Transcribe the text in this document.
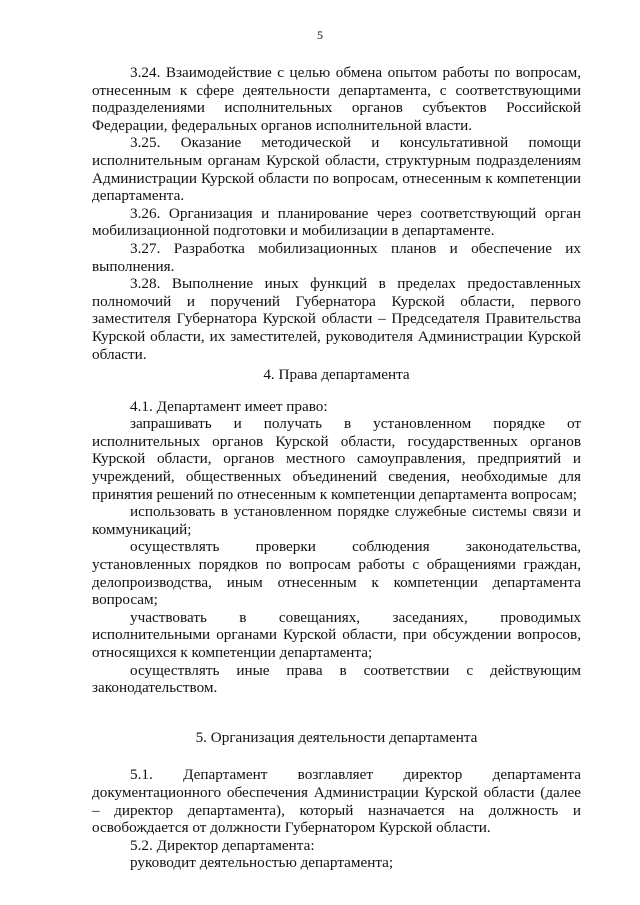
5

3.24. Взаимодействие с целью обмена опытом работы по вопросам, отнесенным к сфере деятельности департамента, с соответствующими подразделениями исполнительных органов субъектов Российской Федерации, федеральных органов исполнительной власти.

3.25. Оказание методической и консультативной помощи исполнительным органам Курской области, структурным подразделениям Администрации Курской области по вопросам, отнесенным к компетенции департамента.

3.26. Организация и планирование через соответствующий орган мобилизационной подготовки и мобилизации в департаменте.

3.27. Разработка мобилизационных планов и обеспечение их выполнения.

3.28. Выполнение иных функций в пределах предоставленных полномочий и поручений Губернатора Курской области, первого заместителя Губернатора Курской области – Председателя Правительства Курской области, их заместителей, руководителя Администрации Курской области.

4. Права департамента

4.1. Департамент имеет право:

запрашивать и получать в установленном порядке от исполнительных органов Курской области, государственных органов Курской области, органов местного самоуправления, предприятий и учреждений, общественных объединений сведения, необходимые для принятия решений по отнесенным к компетенции департамента вопросам;

использовать в установленном порядке служебные системы связи и коммуникаций;

осуществлять проверки соблюдения законодательства, установленных порядков по вопросам работы с обращениями граждан, делопроизводства, иным отнесенным к компетенции департамента вопросам;

участвовать в совещаниях, заседаниях, проводимых исполнительными органами Курской области, при обсуждении вопросов, относящихся к компетенции департамента;

осуществлять иные права в соответствии с действующим законодательством.

5. Организация деятельности департамента

5.1. Департамент возглавляет директор департамента документационного обеспечения Администрации Курской области (далее – директор департамента), который назначается на должность и освобождается от должности Губернатором Курской области.

5.2. Директор департамента:

руководит деятельностью департамента;
